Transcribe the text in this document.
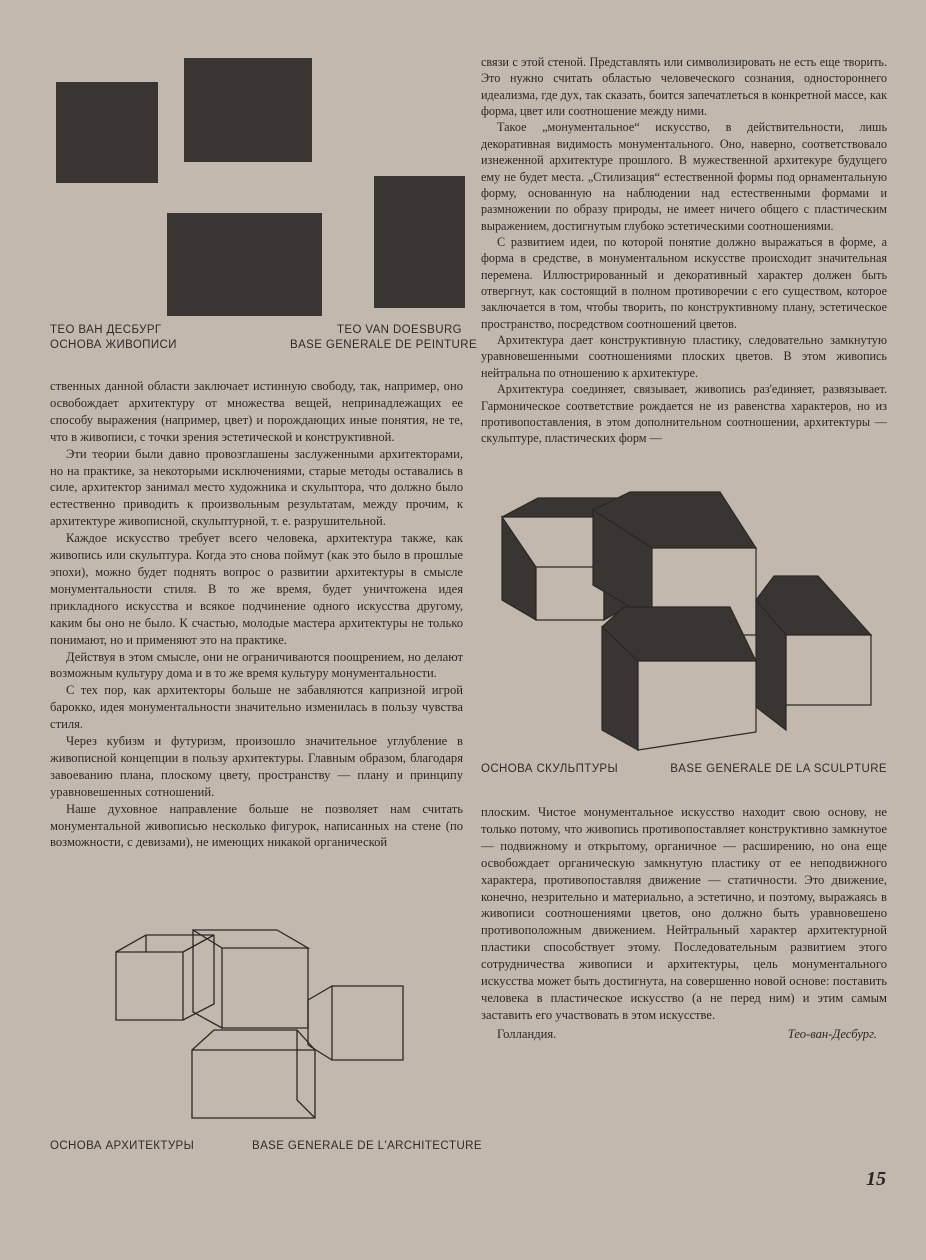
ТЕО ВАН ДЕСБУРГ
ОСНОВА ЖИВОПИСИ
TEO VAN DOESBURG
BASE GENERALE DE PEINTURE

ственных данной области заключает истинную свободу, так, например, оно освобождает архитектуру от множества вещей, непринадлежащих ее способу выражения (например, цвет) и порождающих иные понятия, не те, что в живописи, с точки зрения эстетической и конструктивной.

Эти теории были давно провозглашены заслуженными архитекторами, но на практике, за некоторыми исключениями, старые методы оставались в силе, архитектор занимал место художника и скульптора, что должно было естественно приводить к произвольным результатам, между прочим, к архитектуре живописной, скульптурной, т. е. разрушительной.

Каждое искусство требует всего человека, архитектура также, как живопись или скульптура. Когда это снова поймут (как это было в прошлые эпохи), можно будет поднять вопрос о развитии архитектуры в смысле монументальности стиля. В то же время, будет уничтожена идея прикладного искусства и всякое подчинение одного искусства другому, каким бы оно не было. К счастью, молодые мастера архитектуры не только понимают, но и применяют это на практике.

Действуя в этом смысле, они не ограничиваются поощрением, но делают возможным культуру дома и в то же время культуру монументальности.

С тех пор, как архитекторы больше не забавляются капризной игрой барокко, идея монументальности значительно изменилась в пользу чувства стиля.

Через кубизм и футуризм, произошло значительное углубление в живописной концепции в пользу архитектуры. Главным образом, благодаря завоеванию плана, плоскому цвету, пространству — плану и принципу уравновешенных сотношений.

Наше духовное направление больше не позволяет нам считать монументальной живописью несколько фигурок, написанных на стене (по возможности, с девизами), не имеющих никакой органической

ОСНОВА АРХИТЕКТУРЫ	BASE GENERALE DE L'ARCHITECTURE

связи с этой стеной. Представлять или символизировать не есть еще творить. Это нужно считать областью человеческого сознания, одностороннего идеализма, где дух, так сказать, боится запечатлеться в конкретной массе, как форма, цвет или соотношение между ними.

Такое „монументальное“ искусство, в действительности, лишь декоративная видимость монументального. Оно, наверно, соответствовало изнеженной архитектуре прошлого. В мужественной архитекуре будущего ему не будет места. „Стилизация“ естественной формы под орнаментальную форму, основанную на наблюдении над естественными формами и размножении по образу природы, не имеет ничего общего с пластическим выражением, достигнутым глубоко эстетическими соотношениями.

С развитием идеи, по которой понятие должно выражаться в форме, а форма в средстве, в монументальном искусстве происходит значительная перемена. Иллюстрированный и декоративный характер должен быть отвергнут, как состоящий в полном противоречии с его существом, которое заключается в том, чтобы творить, по конструктивному плану, эстетическое пространство, посредством соотношений цветов.

Архитектура дает конструктивную пластику, следовательно замкнутую уравновешенными соотношениями плоских цветов. В этом живопись нейтральна по отношению к архитектуре.

Архитектура соединяет, связывает, живопись раз'единяет, развязывает. Гармоническое соответствие рождается не из равенства характеров, но из противопоставления, в этом дополнительном соотношении, архитектуры — скульптуре, пластических форм —

ОСНОВА СКУЛЬПТУРЫ	BASE GENERALE DE LA SCULPTURE

плоским. Чистое монументальное искусство находит свою основу, не только потому, что живопись противопоставляет конструктивно замкнутое — подвижному и открытому, органичное — расширению, но она еще освобождает органическую замкнутую пластику от ее неподвижного характера, противопоставляя движение — статичности. Это движение, конечно, незрительно и материально, а эстетично, и поэтому, выражаясь в живописи соотношениями цветов, оно должно быть уравновешено противоположным движением. Нейтральный характер архитектурной пластики способствует этому. Последовательным развитием этого сотрудничества живописи и архитектуры, цель монументального искусства может быть достигнута, на совершенно новой основе: поставить человека в пластическое искусство (а не перед ним) и этим самым заставить его участвовать в этом искусстве.

Голландия.	Тео-ван-Десбург.
15
